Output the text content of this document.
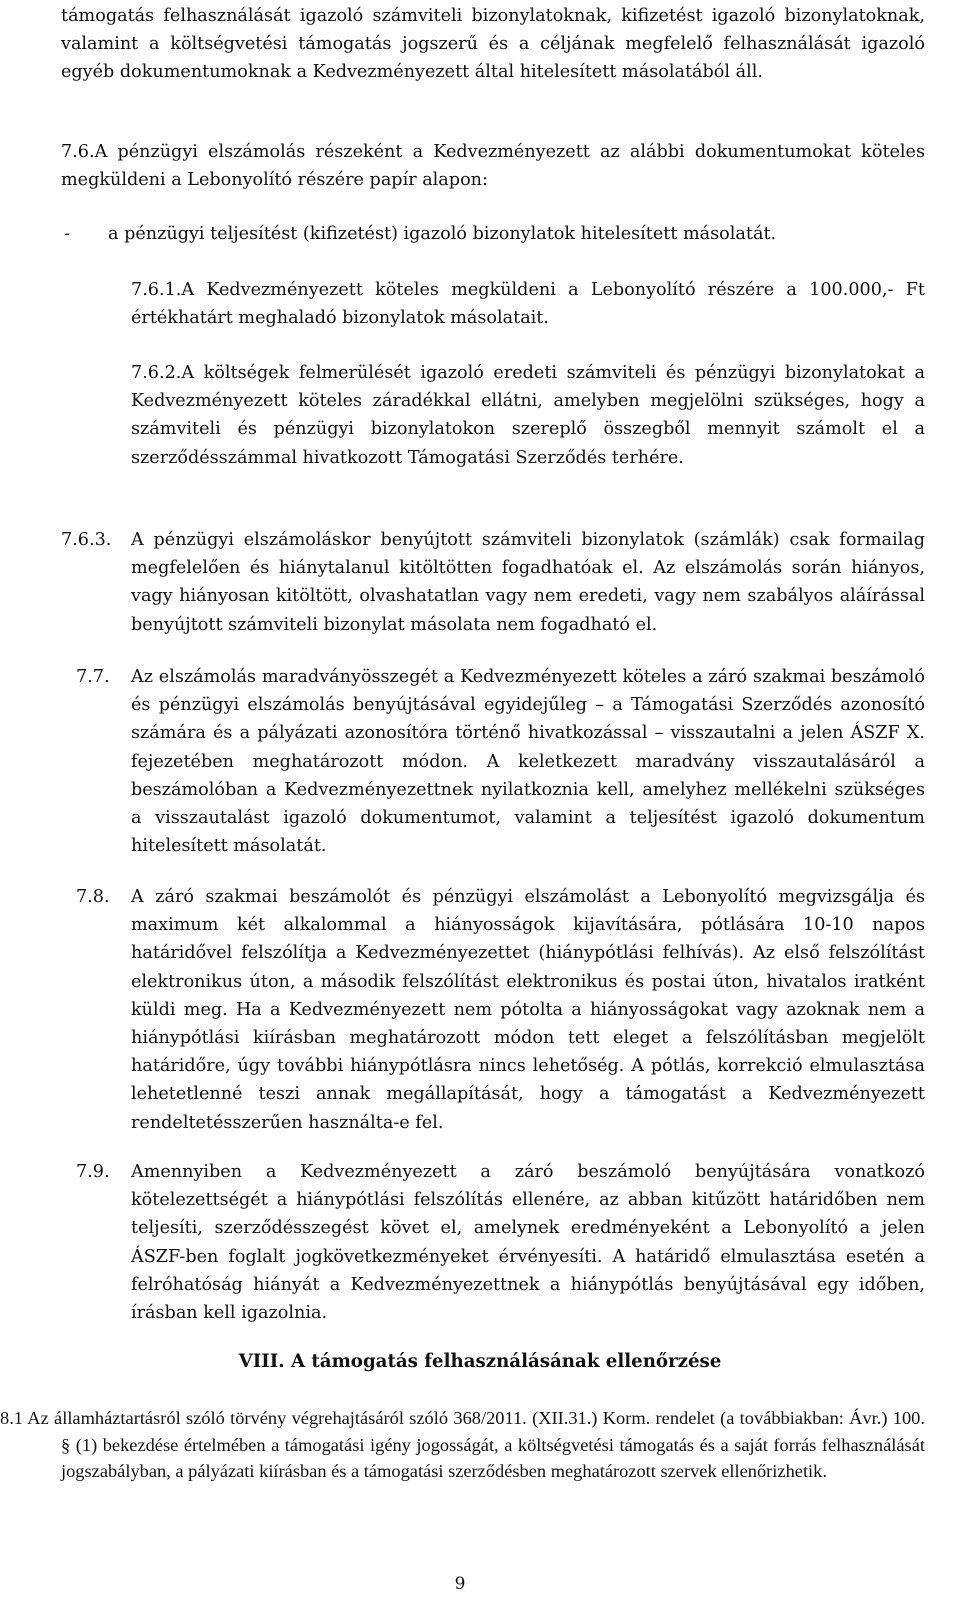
támogatás felhasználását igazoló számviteli bizonylatoknak, kifizetést igazoló bizonylatoknak, valamint a költségvetési támogatás jogszerű és a céljának megfelelő felhasználását igazoló egyéb dokumentumoknak a Kedvezményezett által hitelesített másolatából áll.
7.6.A pénzügyi elszámolás részeként a Kedvezményezett az alábbi dokumentumokat köteles megküldeni a Lebonyolító részére papír alapon:
- a pénzügyi teljesítést (kifizetést) igazoló bizonylatok hitelesített másolatát.
7.6.1.A Kedvezményezett köteles megküldeni a Lebonyolító részére a 100.000,- Ft értékhatárt meghaladó bizonylatok másolatait.
7.6.2.A költségek felmerülését igazoló eredeti számviteli és pénzügyi bizonylatokat a Kedvezményezett köteles záradékkal ellátni, amelyben megjelölni szükséges, hogy a számviteli és pénzügyi bizonylatokon szereplő összegből mennyit számolt el a szerződésszámmal hivatkozott Támogatási Szerződés terhére.
7.6.3. A pénzügyi elszámoláskor benyújtott számviteli bizonylatok (számlák) csak formailag megfelelően és hiánytalanul kitöltötten fogadhatóak el. Az elszámolás során hiányos, vagy hiányosan kitöltött, olvashatatlan vagy nem eredeti, vagy nem szabályos aláírással benyújtott számviteli bizonylat másolata nem fogadható el.
7.7. Az elszámolás maradványösszegét a Kedvezményezett köteles a záró szakmai beszámoló és pénzügyi elszámolás benyújtásával egyidejűleg – a Támogatási Szerződés azonosító számára és a pályázati azonosítóra történő hivatkozással – visszautalni a jelen ÁSZF X. fejezetében meghatározott módon. A keletkezett maradvány visszautalásáról a beszámolóban a Kedvezményezettnek nyilatkoznia kell, amelyhez mellékelni szükséges a visszautalást igazoló dokumentumot, valamint a teljesítést igazoló dokumentum hitelesített másolatát.
7.8. A záró szakmai beszámolót és pénzügyi elszámolást a Lebonyolító megvizsgálja és maximum két alkalommal a hiányosságok kijavítására, pótlására 10-10 napos határidővel felszólítja a Kedvezményezettet (hiánypótlási felhívás). Az első felszólítást elektronikus úton, a második felszólítást elektronikus és postai úton, hivatalos iratként küldi meg. Ha a Kedvezményezett nem pótolta a hiányosságokat vagy azoknak nem a hiánypótlási kiírásban meghatározott módon tett eleget a felszólításban megjelölt határidőre, úgy további hiánypótlásra nincs lehetőség. A pótlás, korrekció elmulasztása lehetetlenné teszi annak megállapítását, hogy a támogatást a Kedvezményezett rendeltetésszerűen használta-e fel.
7.9. Amennyiben a Kedvezményezett a záró beszámoló benyújtására vonatkozó kötelezettségét a hiánypótlási felszólítás ellenére, az abban kitűzött határidőben nem teljesíti, szerződésszegést követ el, amelynek eredményeként a Lebonyolító a jelen ÁSZF-ben foglalt jogkövetkezményeket érvényesíti. A határidő elmulasztása esetén a felróhatóság hiányát a Kedvezményezettnek a hiánypótlás benyújtásával egy időben, írásban kell igazolnia.
VIII. A támogatás felhasználásának ellenőrzése
8.1 Az államháztartásról szóló törvény végrehajtásáról szóló 368/2011. (XII.31.) Korm. rendelet (a továbbiakban: Ávr.) 100. § (1) bekezdése értelmében a támogatási igény jogosságát, a költségvetési támogatás és a saját forrás felhasználását jogszabályban, a pályázati kiírásban és a támogatási szerződésben meghatározott szervek ellenőrizhetik.
9
